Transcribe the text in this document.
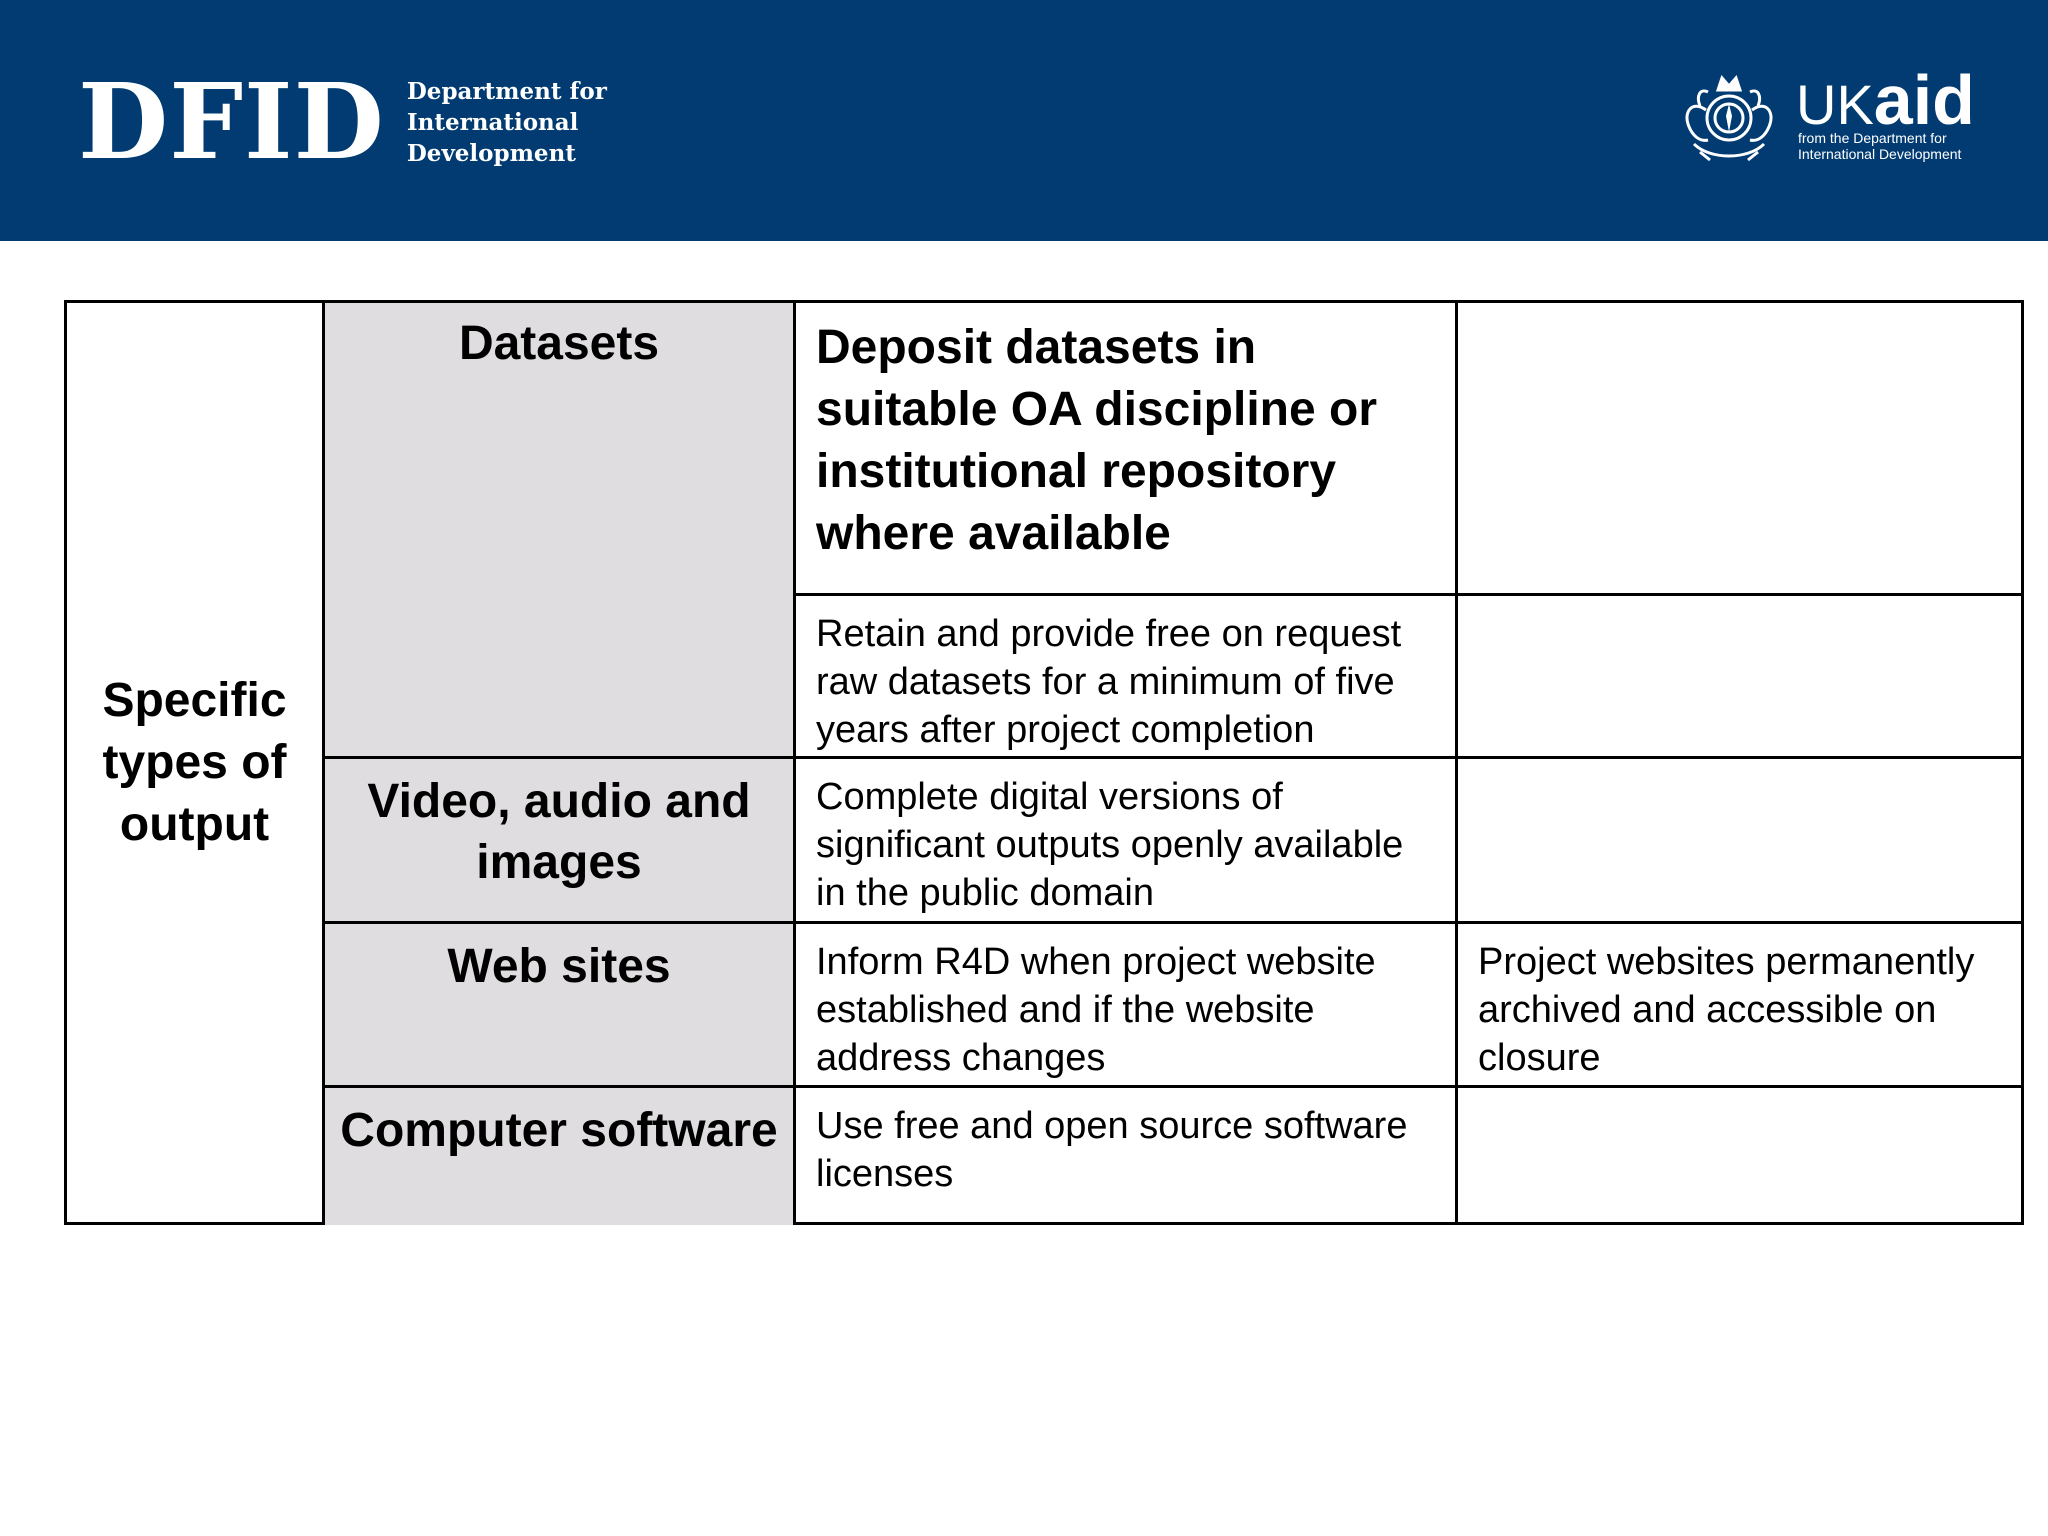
DFID Department for
International
Development
UKaid
from the Department for International Development
Datasets
Video, audio and images
Web sites
Computer software
Specific types of output
Deposit datasets in suitable OA discipline or institutional repository where available
Retain and provide free on request raw datasets for a minimum of five years after project completion
Complete digital versions of significant outputs openly available in the public domain
Inform R4D when project website established and if the website address changes
Use free and open source software licenses
Project websites permanently archived and accessible on closure
